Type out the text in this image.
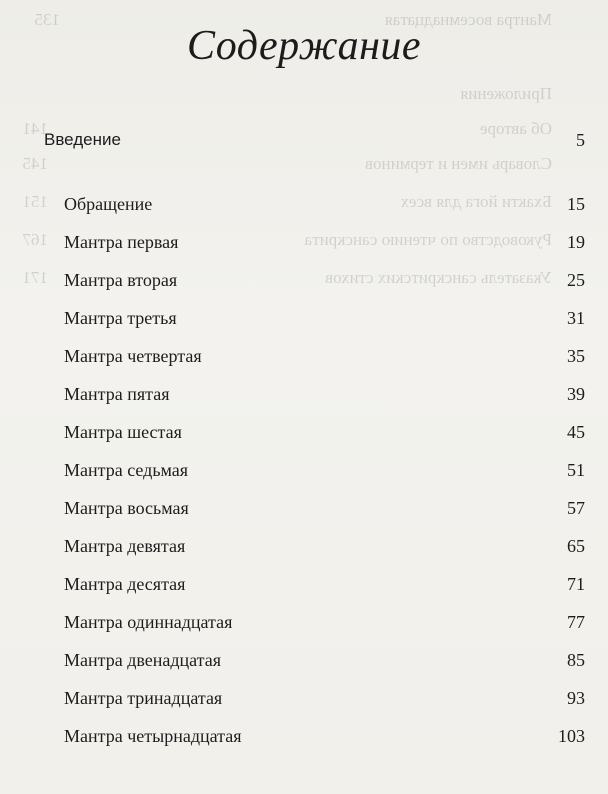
Мантра восемнадцатая
135
Приложения
Об авторе
141
Словарь имен и терминов
145
Бхакти йога для всех
151
Руководство по чтению санскрита
167
Указатель санскритских стихов
171
Содержание
Введение	5
Обращение	15
Мантра первая	19
Мантра вторая	25
Мантра третья	31
Мантра четвертая	35
Мантра пятая	39
Мантра шестая	45
Мантра седьмая	51
Мантра восьмая	57
Мантра девятая	65
Мантра десятая	71
Мантра одиннадцатая	77
Мантра двенадцатая	85
Мантра тринадцатая	93
Мантра четырнадцатая	103
